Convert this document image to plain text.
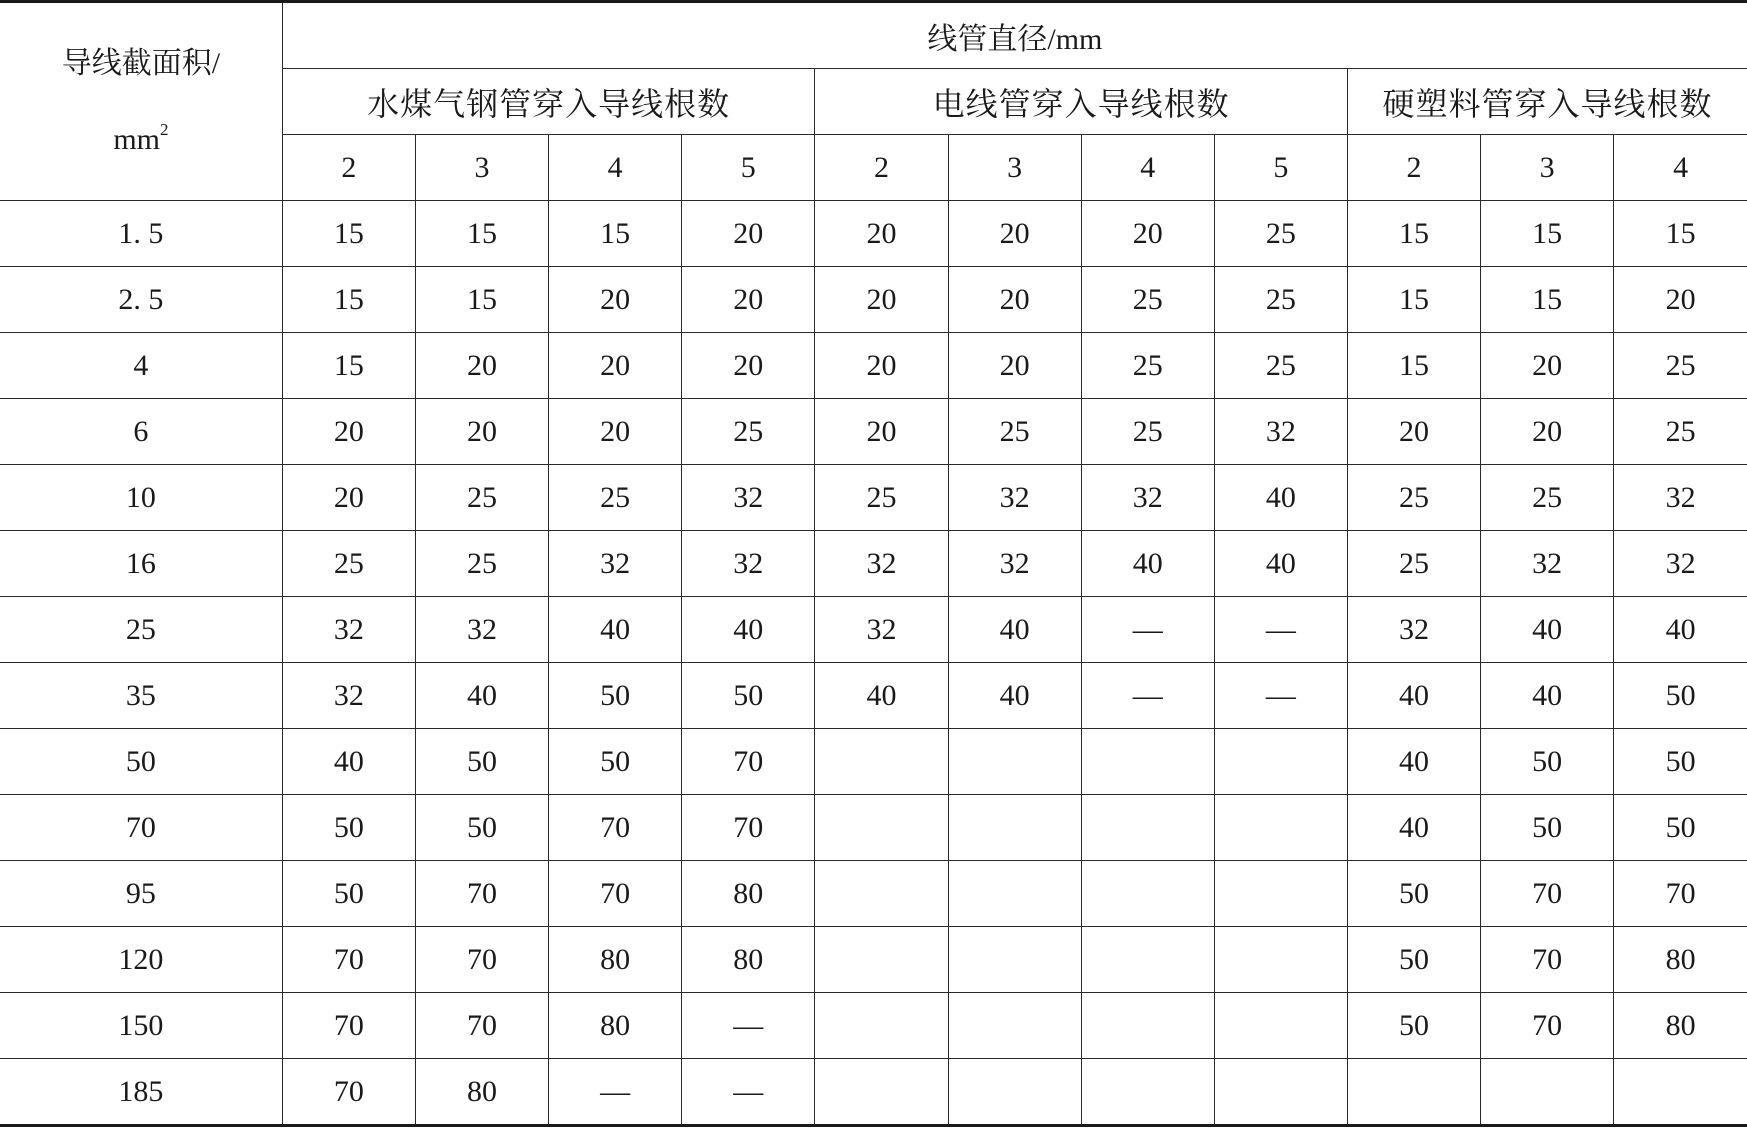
导线截面积/
$mm^2$	线管直径/mm										
	水煤气钢管穿入导线根数				电线管穿入导线根数				硬塑料管穿入导线根数		
	2	3	4	5	2	3	4	5	2	3	4
1. 5	15	15	15	20	20	20	20	25	15	15	15
2. 5	15	15	20	20	20	20	25	25	15	15	20
4	15	20	20	20	20	20	25	25	15	20	25
6	20	20	20	25	20	25	25	32	20	20	25
10	20	25	25	32	25	32	32	40	25	25	32
16	25	25	32	32	32	32	40	40	25	32	32
25	32	32	40	40	32	40	—	—	32	40	40
35	32	40	50	50	40	40	—	—	40	40	50
50	40	50	50	70					40	50	50
70	50	50	70	70					40	50	50
95	50	70	70	80					50	70	70
120	70	70	80	80					50	70	80
150	70	70	80	—					50	70	80
185	70	80	—	—							
